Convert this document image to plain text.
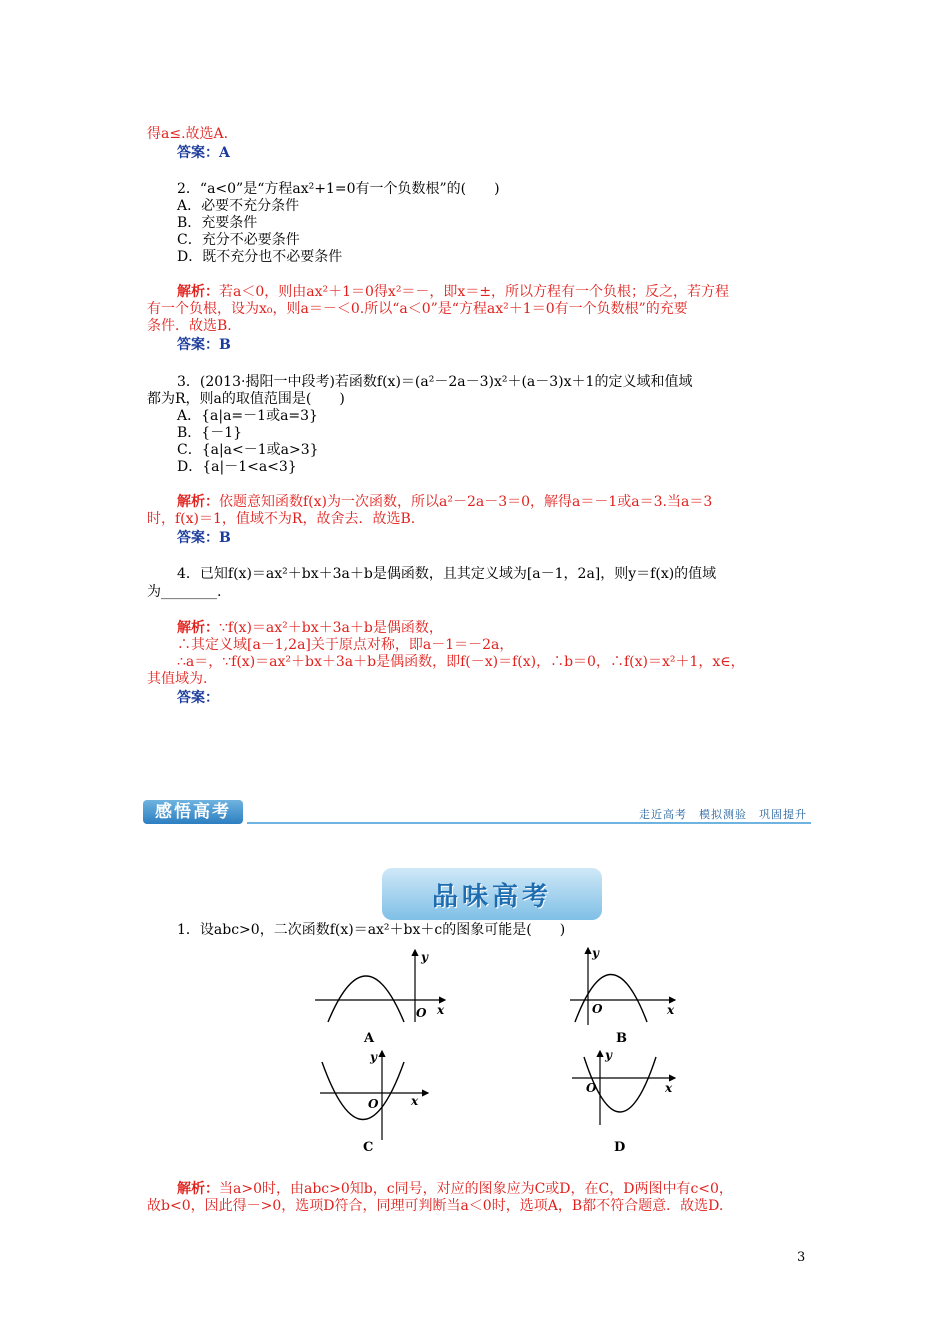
得a≤.故选A.
答案：A
2．“a<0”是“方程ax²+1=0有一个负数根”的(　　)
A．必要不充分条件
B．充要条件
C．充分不必要条件
D．既不充分也不必要条件
解析：若a＜0，则由ax²＋1＝0得x²＝－，即x＝±，所以方程有一个负根；反之，若方程
有一个负根，设为x₀，则a＝－＜0.所以“a＜0”是“方程ax²＋1＝0有一个负数根”的充要
条件．故选B.
答案：B
3．(2013·揭阳一中段考)若函数f(x)＝(a²－2a－3)x²＋(a－3)x＋1的定义域和值域
都为R，则a的取值范围是(　　)
A．{a|a=－1或a=3}
B．{－1}
C．{a|a<－1或a>3}
D．{a|－1<a<3}
解析：依题意知函数f(x)为一次函数，所以a²－2a－3＝0，解得a＝－1或a＝3.当a＝3
时，f(x)＝1，值域不为R，故舍去．故选B.
答案：B
4．已知f(x)＝ax²＋bx＋3a＋b是偶函数，且其定义域为[a－1，2a]，则y＝f(x)的值域
为________.
解析：∵f(x)＝ax²＋bx＋3a＋b是偶函数，
∴其定义域[a－1,2a]关于原点对称，即a－1＝－2a，
∴a＝，∵f(x)＝ax²＋bx＋3a＋b是偶函数，即f(－x)＝f(x)，∴b＝0，∴f(x)＝x²＋1，x∈，
其值域为.
答案：
感悟高考	走近高考　模拟测验　巩固提升
品味高考
1．设abc>0，二次函数f(x)＝ax²＋bx＋c的图象可能是(　　)
y
x
O
A
y
x
O
B
y
x
O
C
y
x
O
D
解析：当a>0时，由abc>0知b，c同号，对应的图象应为C或D，在C，D两图中有c<0，
故b<0，因此得－>0，选项D符合，同理可判断当a＜0时，选项A，B都不符合题意．故选D.
3
